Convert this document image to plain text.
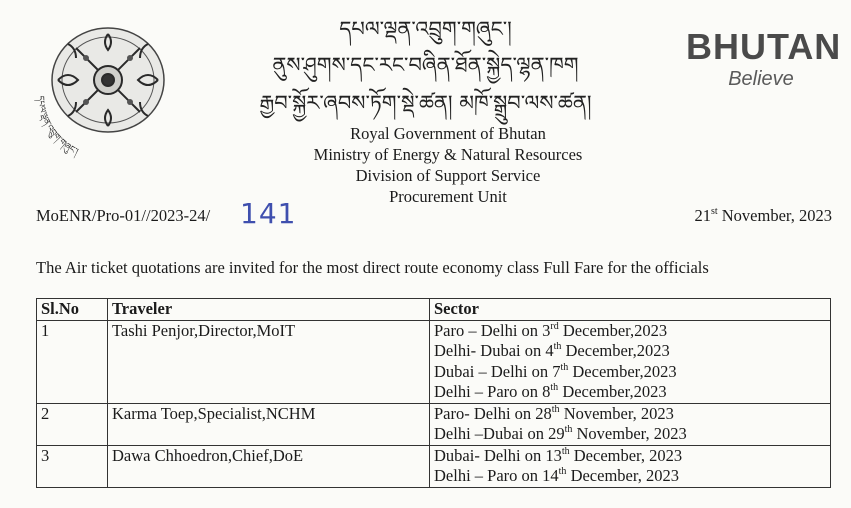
དཔལ་ལྡན་འབྲུག་གཞུང་།
དཔལ་ལྡན་འབྲུག་གཞུང་།
ནུས་ཤུགས་དང་རང་བཞིན་ཐོན་སྐྱེད་ལྷན་ཁག
རྒྱབ་སྐྱོར་ཞབས་ཏོག་སྡེ་ཚན། མཁོ་སྒྲུབ་ལས་ཚན།
BHUTAN
Believe
Royal Government of Bhutan
Ministry of Energy & Natural Resources
Division of Support Service
Procurement Unit
MoENR/Pro-01//2023-24/ 141	21st November, 2023
The Air ticket quotations are invited for the most direct route economy class Full Fare for the officials
Sl.No	Traveler	Sector
1	Tashi Penjor,Director,MoIT	Paro – Delhi on 3rd December,2023
Delhi- Dubai on 4th December,2023
Dubai – Delhi on 7th December,2023
Delhi – Paro on 8th December,2023

2	Karma Toep,Specialist,NCHM	Paro- Delhi on 28th November, 2023
Delhi –Dubai on 29th November, 2023

3	Dawa Chhoedron,Chief,DoE	Dubai- Delhi on 13th December, 2023
Delhi – Paro on 14th December, 2023
